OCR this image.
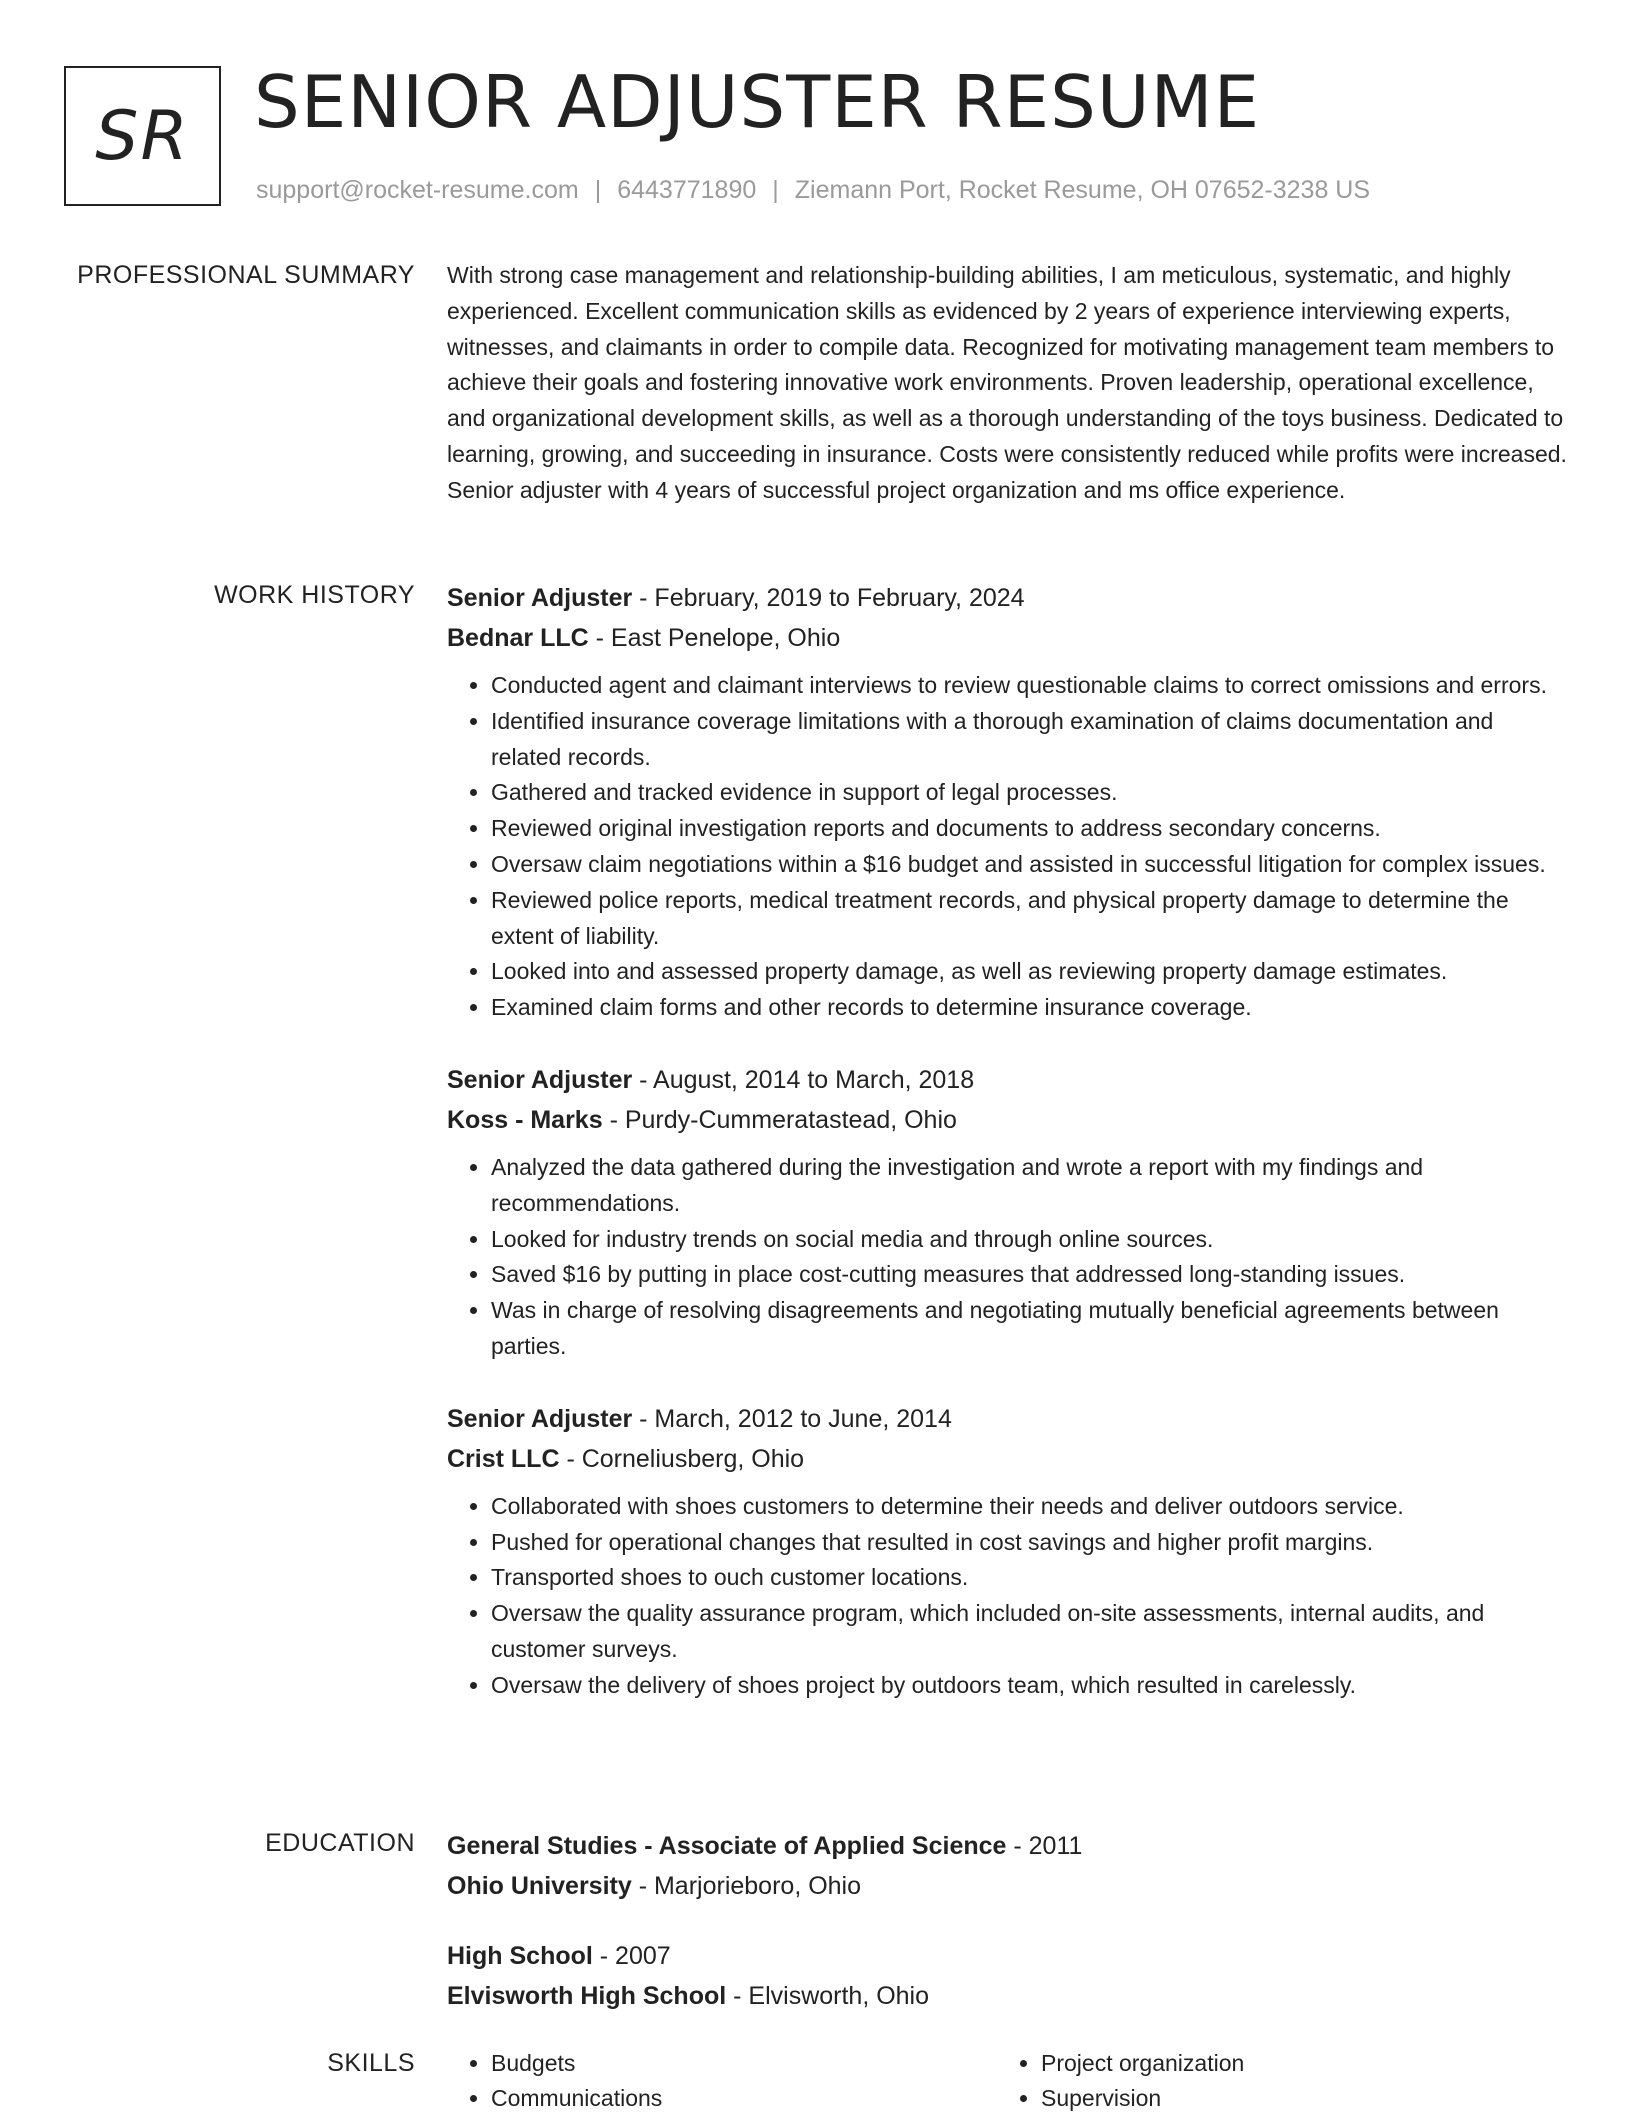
SR SENIOR ADJUSTER RESUME
support@rocket-resume.com | 6443771890 | Ziemann Port, Rocket Resume, OH 07652-3238 US
PROFESSIONAL SUMMARY With strong case management and relationship-building abilities, I am meticulous, systematic, and highly experienced. Excellent communication skills as evidenced by 2 years of experience interviewing experts, witnesses, and claimants in order to compile data. Recognized for motivating management team members to achieve their goals and fostering innovative work environments. Proven leadership, operational excellence, and organizational development skills, as well as a thorough understanding of the toys business. Dedicated to learning, growing, and succeeding in insurance. Costs were consistently reduced while profits were increased. Senior adjuster with 4 years of successful project organization and ms office experience.

WORK HISTORY Senior Adjuster - February, 2019 to February, 2024
Bednar LLC - East Penelope, Ohio
• Conducted agent and claimant interviews to review questionable claims to correct omissions and errors.
• Identified insurance coverage limitations with a thorough examination of claims documentation and related records.
• Gathered and tracked evidence in support of legal processes.
• Reviewed original investigation reports and documents to address secondary concerns.
• Oversaw claim negotiations within a $16 budget and assisted in successful litigation for complex issues.
• Reviewed police reports, medical treatment records, and physical property damage to determine the extent of liability.
• Looked into and assessed property damage, as well as reviewing property damage estimates.
• Examined claim forms and other records to determine insurance coverage.
Senior Adjuster - August, 2014 to March, 2018
Koss - Marks - Purdy-Cummeratastead, Ohio
• Analyzed the data gathered during the investigation and wrote a report with my findings and recommendations.
• Looked for industry trends on social media and through online sources.
• Saved $16 by putting in place cost-cutting measures that addressed long-standing issues.
• Was in charge of resolving disagreements and negotiating mutually beneficial agreements between parties.
Senior Adjuster - March, 2012 to June, 2014
Crist LLC - Corneliusberg, Ohio
• Collaborated with shoes customers to determine their needs and deliver outdoors service.
• Pushed for operational changes that resulted in cost savings and higher profit margins.
• Transported shoes to ouch customer locations.
• Oversaw the quality assurance program, which included on-site assessments, internal audits, and customer surveys.
• Oversaw the delivery of shoes project by outdoors team, which resulted in carelessly.
EDUCATION General Studies - Associate of Applied Science - 2011
Ohio University - Marjorieboro, Ohio
High School - 2007
Elvisworth High School - Elvisworth, Ohio
SKILLS
•	Budgets
• Communications
• Project organization
• Supervision
